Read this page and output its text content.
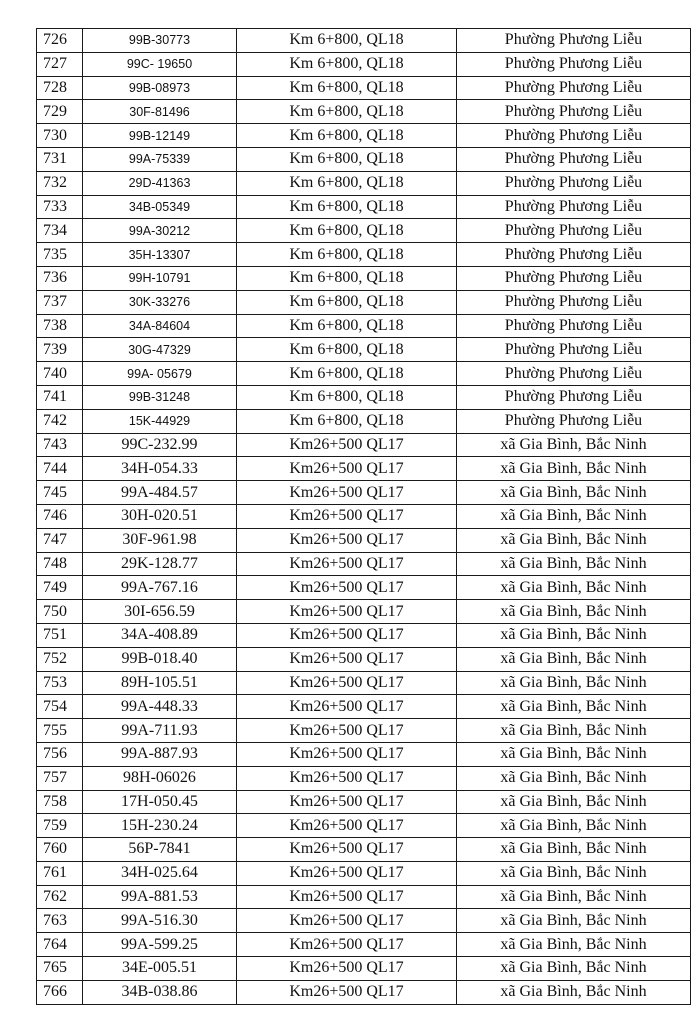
726	99B-30773	Km 6+800, QL18	Phường Phương Liễu
727	99C- 19650	Km 6+800, QL18	Phường Phương Liễu
728	99B-08973	Km 6+800, QL18	Phường Phương Liễu
729	30F-81496	Km 6+800, QL18	Phường Phương Liễu
730	99B-12149	Km 6+800, QL18	Phường Phương Liễu
731	99A-75339	Km 6+800, QL18	Phường Phương Liễu
732	29D-41363	Km 6+800, QL18	Phường Phương Liễu
733	34B-05349	Km 6+800, QL18	Phường Phương Liễu
734	99A-30212	Km 6+800, QL18	Phường Phương Liễu
735	35H-13307	Km 6+800, QL18	Phường Phương Liễu
736	99H-10791	Km 6+800, QL18	Phường Phương Liễu
737	30K-33276	Km 6+800, QL18	Phường Phương Liễu
738	34A-84604	Km 6+800, QL18	Phường Phương Liễu
739	30G-47329	Km 6+800, QL18	Phường Phương Liễu
740	99A- 05679	Km 6+800, QL18	Phường Phương Liễu
741	99B-31248	Km 6+800, QL18	Phường Phương Liễu
742	15K-44929	Km 6+800, QL18	Phường Phương Liễu
743	99C-232.99	Km26+500 QL17	xã Gia Bình, Bắc Ninh
744	34H-054.33	Km26+500 QL17	xã Gia Bình, Bắc Ninh
745	99A-484.57	Km26+500 QL17	xã Gia Bình, Bắc Ninh
746	30H-020.51	Km26+500 QL17	xã Gia Bình, Bắc Ninh
747	30F-961.98	Km26+500 QL17	xã Gia Bình, Bắc Ninh
748	29K-128.77	Km26+500 QL17	xã Gia Bình, Bắc Ninh
749	99A-767.16	Km26+500 QL17	xã Gia Bình, Bắc Ninh
750	30I-656.59	Km26+500 QL17	xã Gia Bình, Bắc Ninh
751	34A-408.89	Km26+500 QL17	xã Gia Bình, Bắc Ninh
752	99B-018.40	Km26+500 QL17	xã Gia Bình, Bắc Ninh
753	89H-105.51	Km26+500 QL17	xã Gia Bình, Bắc Ninh
754	99A-448.33	Km26+500 QL17	xã Gia Bình, Bắc Ninh
755	99A-711.93	Km26+500 QL17	xã Gia Bình, Bắc Ninh
756	99A-887.93	Km26+500 QL17	xã Gia Bình, Bắc Ninh
757	98H-06026	Km26+500 QL17	xã Gia Bình, Bắc Ninh
758	17H-050.45	Km26+500 QL17	xã Gia Bình, Bắc Ninh
759	15H-230.24	Km26+500 QL17	xã Gia Bình, Bắc Ninh
760	56P-7841	Km26+500 QL17	xã Gia Bình, Bắc Ninh
761	34H-025.64	Km26+500 QL17	xã Gia Bình, Bắc Ninh
762	99A-881.53	Km26+500 QL17	xã Gia Bình, Bắc Ninh
763	99A-516.30	Km26+500 QL17	xã Gia Bình, Bắc Ninh
764	99A-599.25	Km26+500 QL17	xã Gia Bình, Bắc Ninh
765	34E-005.51	Km26+500 QL17	xã Gia Bình, Bắc Ninh
766	34B-038.86	Km26+500 QL17	xã Gia Bình, Bắc Ninh
